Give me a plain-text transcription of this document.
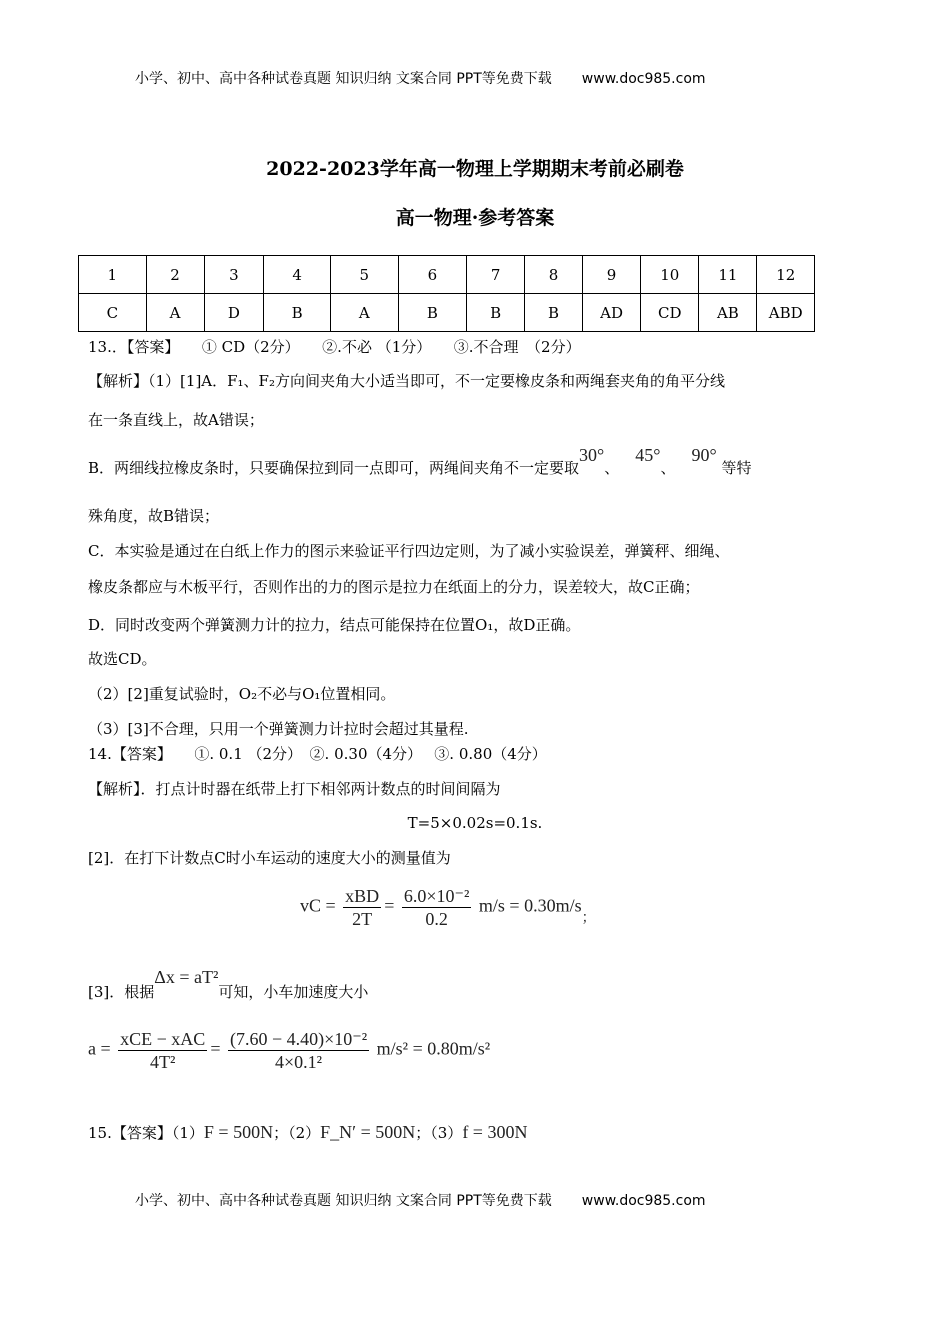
小学、初中、高中各种试卷真题 知识归纳 文案合同 PPT等免费下载 www.doc985.com
2022-2023学年高一物理上学期期末考前必刷卷
高一物理·参考答案
1	2	3	4	5	6	7	8	9	10	11	12
C	A	D	B	A	B	B	B	AD	CD	AB	ABD
13.．【答案】　　① CD（2分）　　②.不必 （1分）　　③.不合理　（2分）
【解析】（1）[1]A．F₁、F₂方向间夹角大小适当即可，不一定要橡皮条和两绳套夹角的角平分线
在一条直线上，故A错误；
B．两细线拉橡皮条时，只要确保拉到同一点即可，两绳间夹角不一定要取30°、45°、90° 等特
殊角度，故B错误；
C．本实验是通过在白纸上作力的图示来验证平行四边定则，为了减小实验误差，弹簧秤、细绳、
橡皮条都应与木板平行，否则作出的力的图示是拉力在纸面上的分力，误差较大，故C正确；
D．同时改变两个弹簧测力计的拉力，结点可能保持在位置O₁，故D正确。
故选CD。
（2）[2]重复试验时，O₂不必与O₁位置相同。
（3）[3]不合理，只用一个弹簧测力计拉时会超过其量程.
14.【答案】　　①. 0.1 （2分）　②. 0.30（4分）　 ③. 0.80（4分）
【解析】．打点计时器在纸带上打下相邻两计数点的时间间隔为
T=5×0.02s=0.1s.
[2]．在打下计数点C时小车运动的速度大小的测量值为
vC = $\frac{\text{xBD}}{2T} = \frac{\text{6.0×10⁻²}}{0.2} m/s = 0.30m/s_;$
[3]．根据Δx = aT²可知，小车加速度大小
$a = \frac{\text{xCE − xAC}}{\text{4T²}} = \frac{\text{(7.60 − 4.40)×10⁻²}}{\text{4×0.1²}} m/s^2 = 0.80m/s^2$
15.【答案】（1）F = 500N；（2）F_N′ = 500N；（3）f = 300N
小学、初中、高中各种试卷真题 知识归纳 文案合同 PPT等免费下载 www.doc985.com
